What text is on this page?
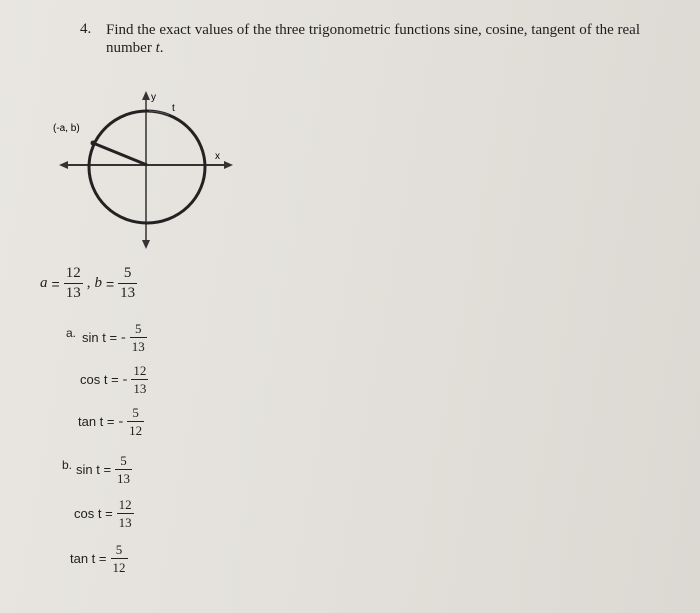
4. Find the exact values of the three trigonometric functions sine, cosine, tangent of the real number t.
(-a, b)
y
x
t
$a = \frac{12}{13}$ , $b = \frac{5}{13}$
a. sin t = - $\frac{5}{13}$
cos t = - $\frac{12}{13}$
tan t = - $\frac{5}{12}$
b. $\sin t = \frac{5}{13}$
$\cos t = \frac{12}{13}$
$\tan t = \frac{5}{12}$
